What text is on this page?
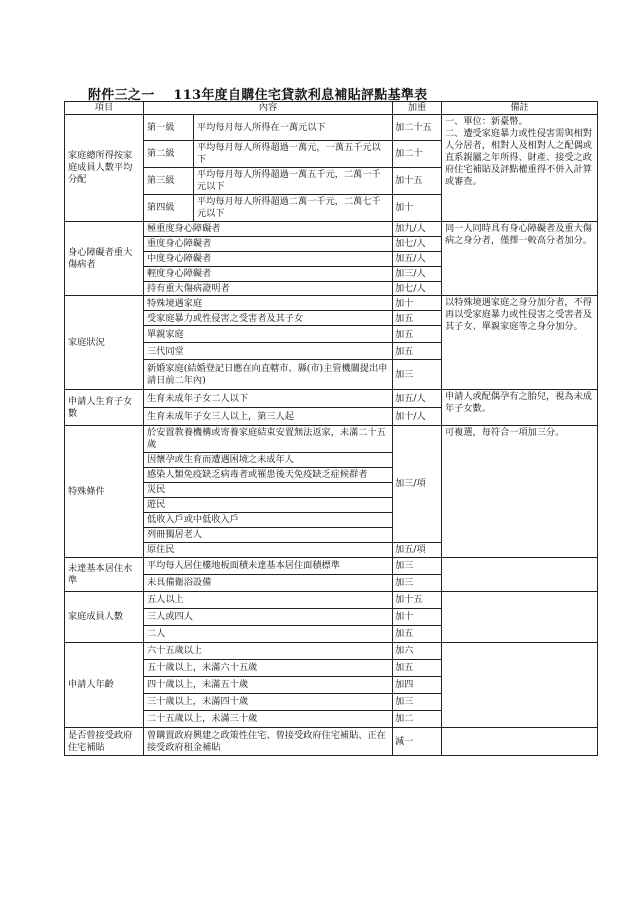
附件三之一 113年度自購住宅貸款利息補貼評點基準表
項目	內容		加重	備註
家庭總所得按家庭成員人數平均分配	第一級	平均每月每人所得在一萬元以下	加二十五	一、單位：新臺幣。
二、遭受家庭暴力或性侵害需與相對人分居者，相對人及相對人之配偶或直系親屬之年所得、財產、接受之政府住宅補貼及評點權重得不併入計算或審查。

	第二級	平均每月每人所得超過一萬元，一萬五千元以下	加二十	
	第三級	平均每月每人所得超過一萬五千元，二萬一千元以下	加十五	
	第四級	平均每月每人所得超過二萬一千元，二萬七千元以下	加十	
身心障礙者重大傷病者	極重度身心障礙者		加九/人	同一人同時具有身心障礙者及重大傷病之身分者，僅擇一較高分者加分。
	重度身心障礙者		加七/人	
	中度身心障礙者		加五/人	
	輕度身心障礙者		加三/人	
	持有重大傷病證明者		加七/人	
家庭狀況	特殊境遇家庭		加十	以特殊境遇家庭之身分加分者，不得再以受家庭暴力或性侵害之受害者及其子女、單親家庭等之身分加分。
	受家庭暴力或性侵害之受害者及其子女		加五	
	單親家庭		加五	
	三代同堂		加五	
	新婚家庭(結婚登記日應在向直轄市、縣(市)主管機關提出申請日前二年內)		加三	
申請人生育子女數	生育未成年子女二人以下		加五/人	申請人或配偶孕有之胎兒，視為未成年子女數。
	生育未成年子女三人以上，第三人起		加十/人	
特殊條件	於安置教養機構或寄養家庭結束安置無法返家，未滿二十五歲		加三/項	可複選，每符合一項加三分。
	因懷孕或生育而遭遇困境之未成年人			
	感染人類免疫缺乏病毒者或罹患後天免疫缺乏症候群者			
	災民			
	遊民			
	低收入戶或中低收入戶			
	列冊獨居老人			
	原住民		加五/項	
未達基本居住水準	平均每人居住樓地板面積未達基本居住面積標準		加三	
	未具備衛浴設備		加三	
家庭成員人數	五人以上		加十五	
	三人或四人		加十	
	二人		加五	
申請人年齡	六十五歲以上		加六	
	五十歲以上，未滿六十五歲		加五	
	四十歲以上，未滿五十歲		加四	
	三十歲以上，未滿四十歲		加三	
	二十五歲以上，未滿三十歲		加二	
是否曾接受政府住宅補貼	曾購置政府興建之政策性住宅、曾接受政府住宅補貼、正在接受政府租金補貼		減一	
